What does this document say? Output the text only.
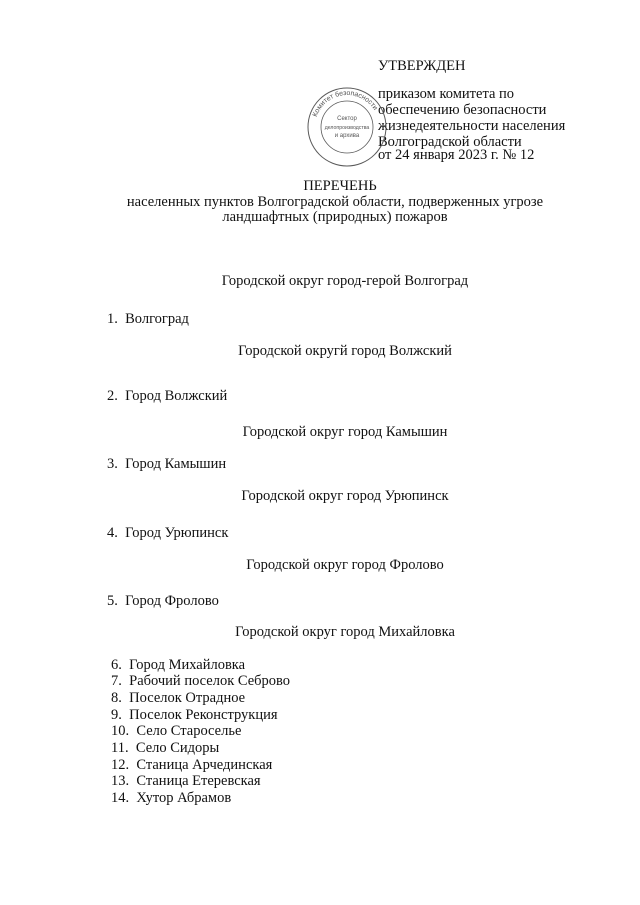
УТВЕРЖДЕН
приказом комитета по
обеспечению безопасности
жизнедеятельности населения
Волгоградской области
от 24 января 2023 г. № 12
Комитет безопасности
Сектор
делопроизводства
и архива
ПЕРЕЧЕНЬ
населенных пунктов Волгоградской области, подверженных угрозе
ландшафтных (природных) пожаров
Городской округ город-герой Волгоград
1. Волгоград
Городской округй город Волжский
2. Город Волжский
Городской округ город Камышин
3. Город Камышин
Городской округ город Урюпинск
4. Город Урюпинск
Городской округ город Фролово
5. Город Фролово
Городской округ город Михайловка
6. Город Михайловка
7. Рабочий поселок Себрово
8. Поселок Отрадное
9. Поселок Реконструкция
10. Село Староселье
11. Село Сидоры
12. Станица Арчединская
13. Станица Етеревская
14. Хутор Абрамов
